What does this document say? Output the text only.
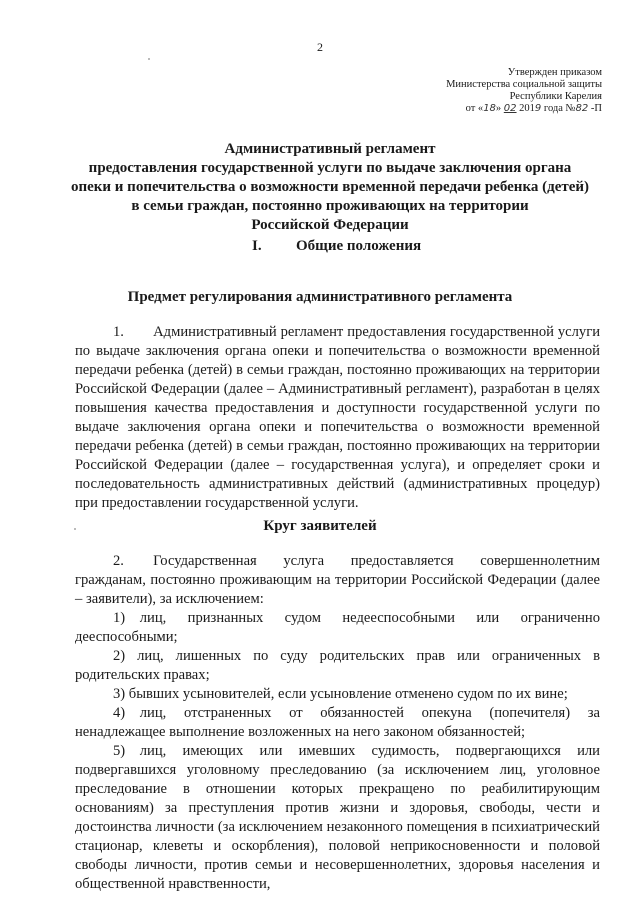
2
Утвержден приказом
Министерства социальной защиты
Республики Карелия
от «18» 02 2019 года №82 -П
Административный регламент
предоставления государственной услуги по выдаче заключения органа
опеки и попечительства о возможности временной передачи ребенка (детей)
в семьи граждан, постоянно проживающих на территории
Российской Федерации
I. Общие положения
Предмет регулирования административного регламента

1.  Административный регламент предоставления государственной услуги по выдаче заключения органа опеки и попечительства о возможности временной передачи ребенка (детей) в семьи граждан, постоянно проживающих на территории Российской Федерации (далее – Административный регламент), разработан в целях повышения качества предоставления и доступности государственной услуги по выдаче заключения органа опеки и попечительства о возможности временной передачи ребенка (детей) в семьи граждан, постоянно проживающих на территории Российской Федерации (далее – государственная услуга), и определяет сроки и последовательность административных действий (административных процедур) при предоставлении государственной услуги.

Круг заявителей

2.  Государственная услуга предоставляется совершеннолетним гражданам, постоянно проживающим на территории Российской Федерации (далее – заявители), за исключением:

1) лиц, признанных судом недееспособными или ограниченно дееспособными;

2) лиц, лишенных по суду родительских прав или ограниченных в родительских правах;

3) бывших усыновителей, если усыновление отменено судом по их вине;

4) лиц, отстраненных от обязанностей опекуна (попечителя) за ненадлежащее выполнение возложенных на него законом обязанностей;

5) лиц, имеющих или имевших судимость, подвергающихся или подвергавшихся уголовному преследованию (за исключением лиц, уголовное преследование в отношении которых прекращено по реабилитирующим основаниям) за преступления против жизни и здоровья, свободы, чести и достоинства личности (за исключением незаконного помещения в психиатрический стационар, клеветы и оскорбления), половой неприкосновенности и половой свободы личности, против семьи и несовершеннолетних, здоровья населения и общественной нравственности,
